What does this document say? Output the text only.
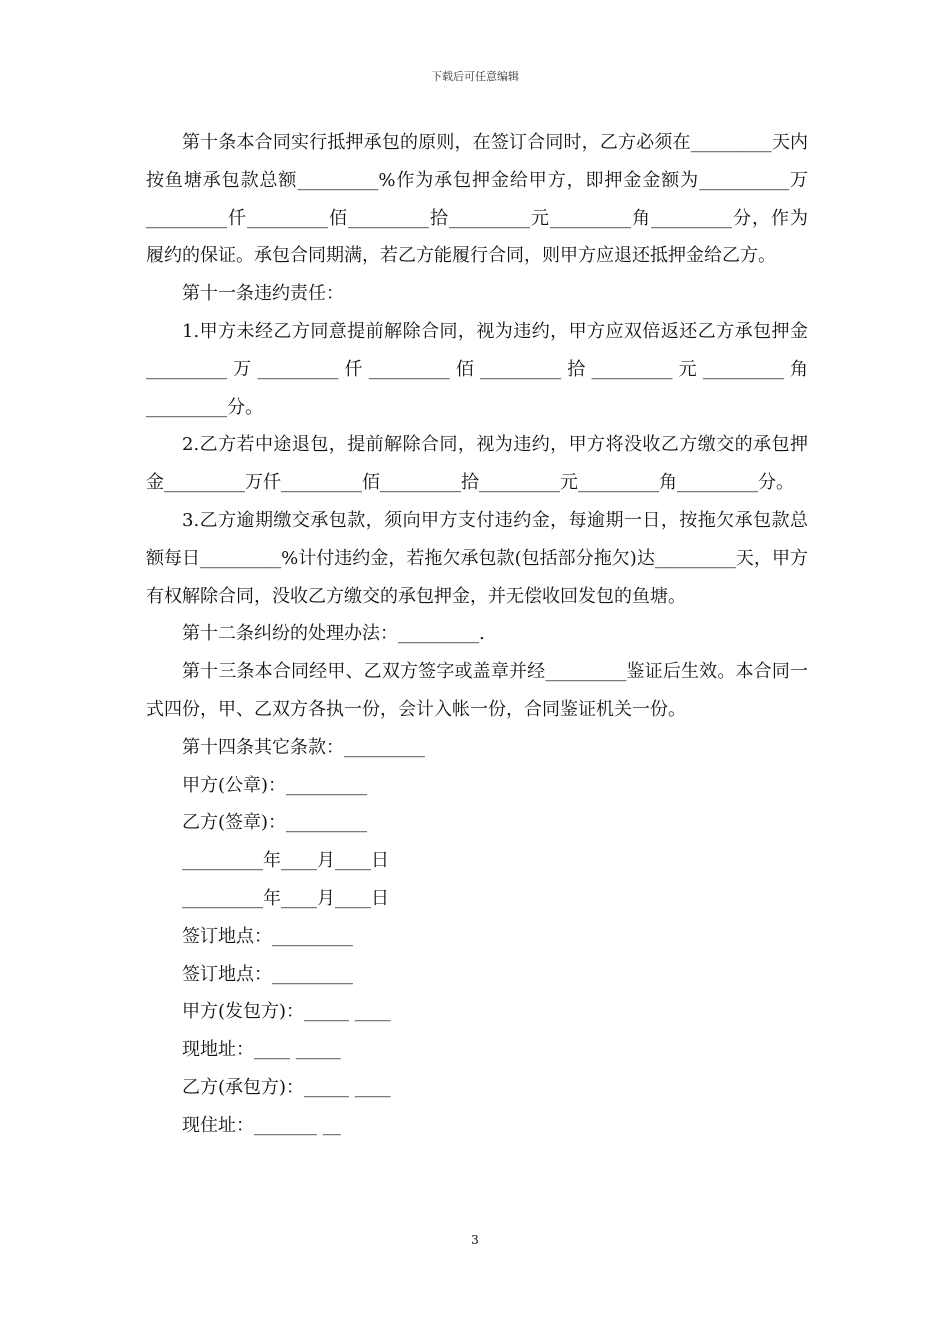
下载后可任意编辑

第十条本合同实行抵押承包的原则，在签订合同时，乙方必须在_________天内按鱼塘承包款总额_________%作为承包押金给甲方，即押金金额为__________万_________仟_________佰_________拾_________元_________角_________分，作为履约的保证。承包合同期满，若乙方能履行合同，则甲方应退还抵押金给乙方。

第十一条违约责任：

1.甲方未经乙方同意提前解除合同，视为违约，甲方应双倍返还乙方承包押金_________万_________仟_________佰_________拾_________元_________角_________分。

2.乙方若中途退包，提前解除合同，视为违约，甲方将没收乙方缴交的承包押金_________万仟_________佰_________拾_________元_________角_________分。

3.乙方逾期缴交承包款，须向甲方支付违约金，每逾期一日，按拖欠承包款总额每日_________%计付违约金，若拖欠承包款(包括部分拖欠)达_________天，甲方有权解除合同，没收乙方缴交的承包押金，并无偿收回发包的鱼塘。

第十二条纠纷的处理办法：_________.

第十三条本合同经甲、乙双方签字或盖章并经_________鉴证后生效。本合同一式四份，甲、乙双方各执一份，会计入帐一份，合同鉴证机关一份。

第十四条其它条款：_________

甲方(公章)：_________

乙方(签章)：_________

_________年____月____日

_________年____月____日

签订地点：_________

签订地点：_________

甲方(发包方)：_____ ____

现地址：____ _____

乙方(承包方)：_____ ____

现住址：_______ __

3
